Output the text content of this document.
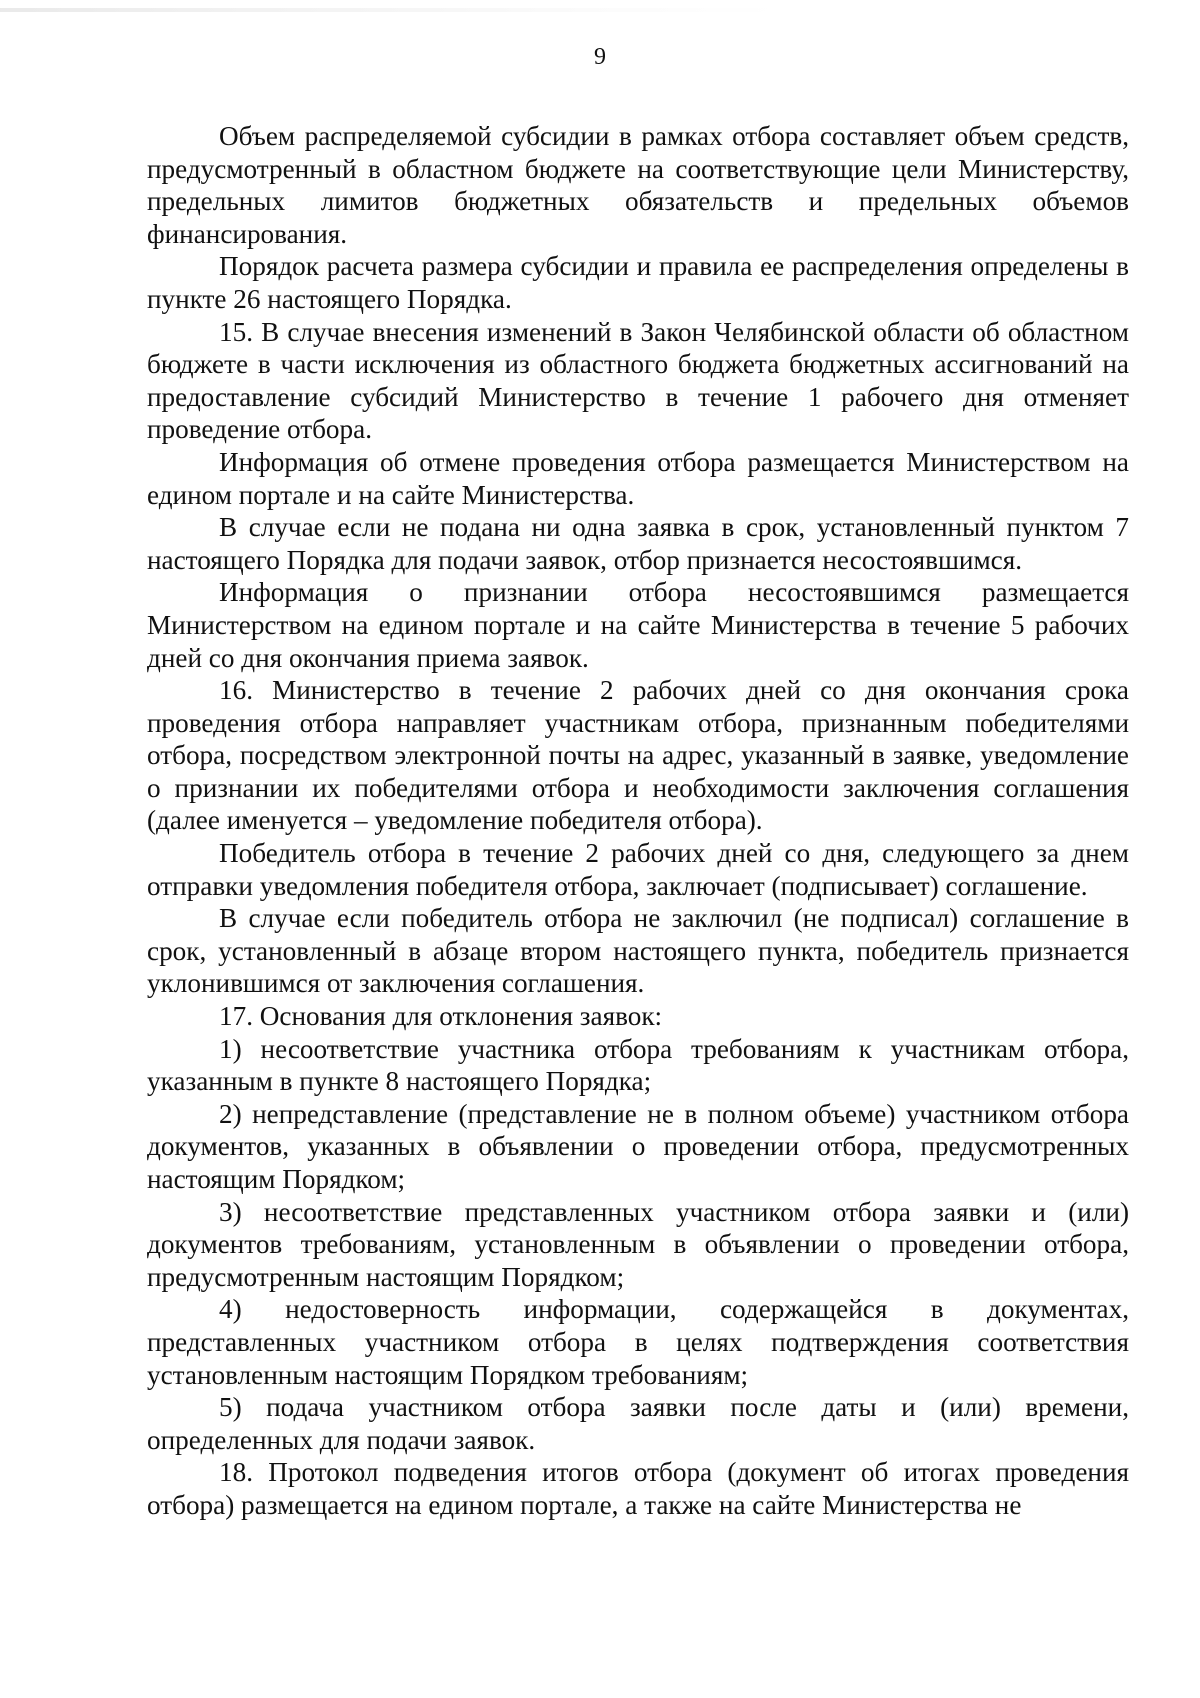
9

Объем распределяемой субсидии в рамках отбора составляет объем средств, предусмотренный в областном бюджете на соответствующие цели Министерству, предельных лимитов бюджетных обязательств и предельных объемов финансирования.

Порядок расчета размера субсидии и правила ее распределения определены в пункте 26 настоящего Порядка.

15. В случае внесения изменений в Закон Челябинской области об областном бюджете в части исключения из областного бюджета бюджетных ассигнований на предоставление субсидий Министерство в течение 1 рабочего дня отменяет проведение отбора.

Информация об отмене проведения отбора размещается Министерством на едином портале и на сайте Министерства.

В случае если не подана ни одна заявка в срок, установленный пунктом 7 настоящего Порядка для подачи заявок, отбор признается несостоявшимся.

Информация о признании отбора несостоявшимся размещается Министерством на едином портале и на сайте Министерства в течение 5 рабочих дней со дня окончания приема заявок.

16. Министерство в течение 2 рабочих дней со дня окончания срока проведения отбора направляет участникам отбора, признанным победителями отбора, посредством электронной почты на адрес, указанный в заявке, уведомление о признании их победителями отбора и необходимости заключения соглашения (далее именуется – уведомление победителя отбора).

Победитель отбора в течение 2 рабочих дней со дня, следующего за днем отправки уведомления победителя отбора, заключает (подписывает) соглашение.

В случае если победитель отбора не заключил (не подписал) соглашение в срок, установленный в абзаце втором настоящего пункта, победитель признается уклонившимся от заключения соглашения.

17. Основания для отклонения заявок:

1) несоответствие участника отбора требованиям к участникам отбора, указанным в пункте 8 настоящего Порядка;

2) непредставление (представление не в полном объеме) участником отбора документов, указанных в объявлении о проведении отбора, предусмотренных настоящим Порядком;

3) несоответствие представленных участником отбора заявки и (или) документов требованиям, установленным в объявлении о проведении отбора, предусмотренным настоящим Порядком;

4) недостоверность информации, содержащейся в документах, представленных участником отбора в целях подтверждения соответствия установленным настоящим Порядком требованиям;

5) подача участником отбора заявки после даты и (или) времени, определенных для подачи заявок.

18. Протокол подведения итогов отбора (документ об итогах проведения отбора) размещается на едином портале, а также на сайте Министерства не
